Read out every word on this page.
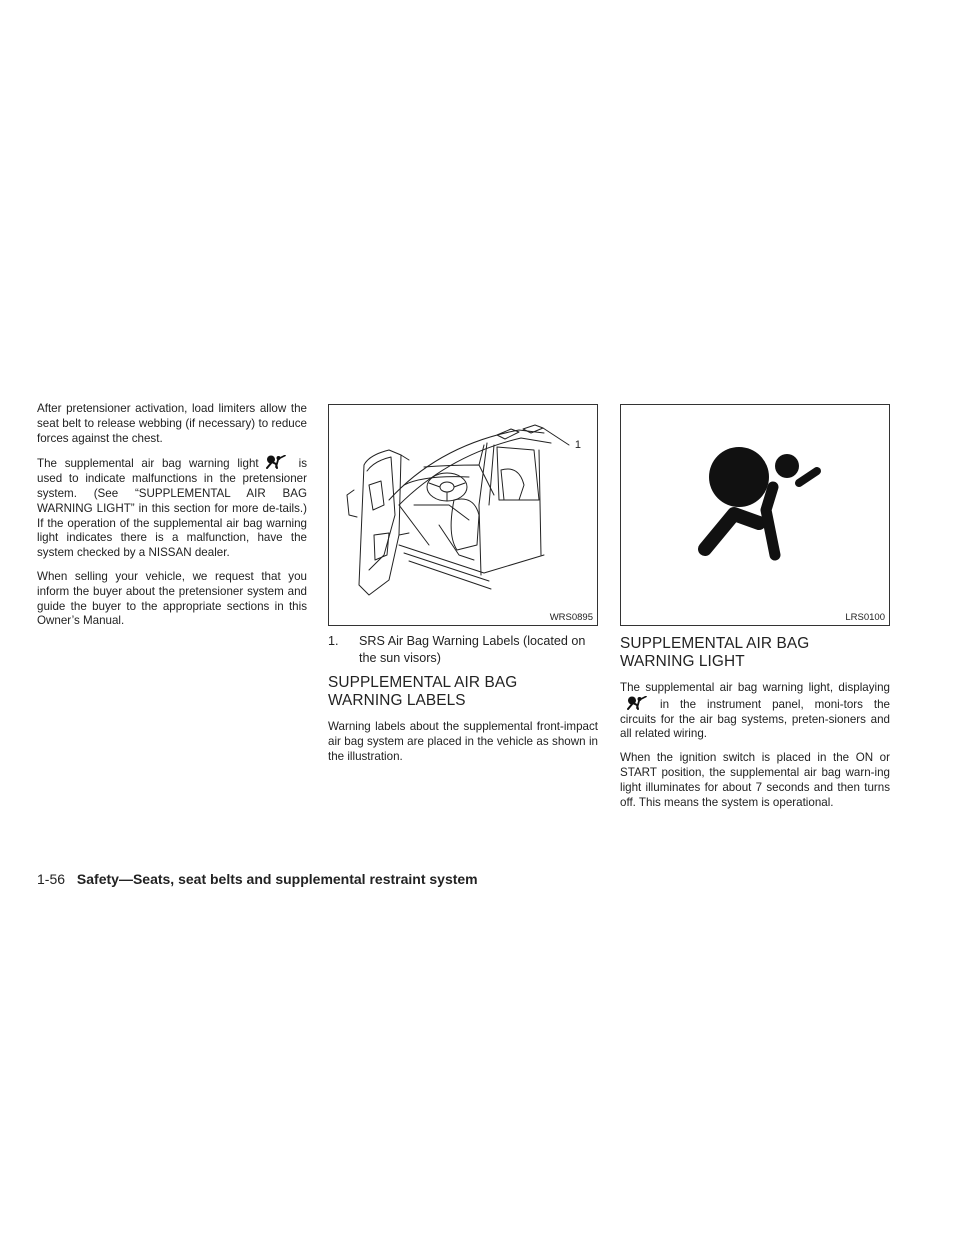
After pretensioner activation, load limiters allow the seat belt to release webbing (if necessary) to reduce forces against the chest.

The supplemental air bag warning light	is used to indicate malfunctions in the pretensioner system. (See “SUPPLEMENTAL AIR BAG WARNING LIGHT” in this section for more de-tails.) If the operation of the supplemental air bag warning light indicates there is a malfunction, have the system checked by a NISSAN dealer.

When selling your vehicle, we request that you inform the buyer about the pretensioner system and guide the buyer to the appropriate sections in this Owner’s Manual.

1
WRS0895
1.	SRS Air Bag Warning Labels (located on the sun visors)
SUPPLEMENTAL AIR BAG
WARNING LABELS

Warning labels about the supplemental front-impact air bag system are placed in the vehicle as shown in the illustration.

LRS0100
SUPPLEMENTAL AIR BAG
WARNING LIGHT

The supplemental air bag warning light, displayingin the instrument panel, moni-tors the circuits for the air bag systems, preten-sioners and all related wiring.

When the ignition switch is placed in the ON or START position, the supplemental air bag warn-ing light illuminates for about 7 seconds and then turns off. This means the system is operational.

1-56 Safety—Seats, seat belts and supplemental restraint system
